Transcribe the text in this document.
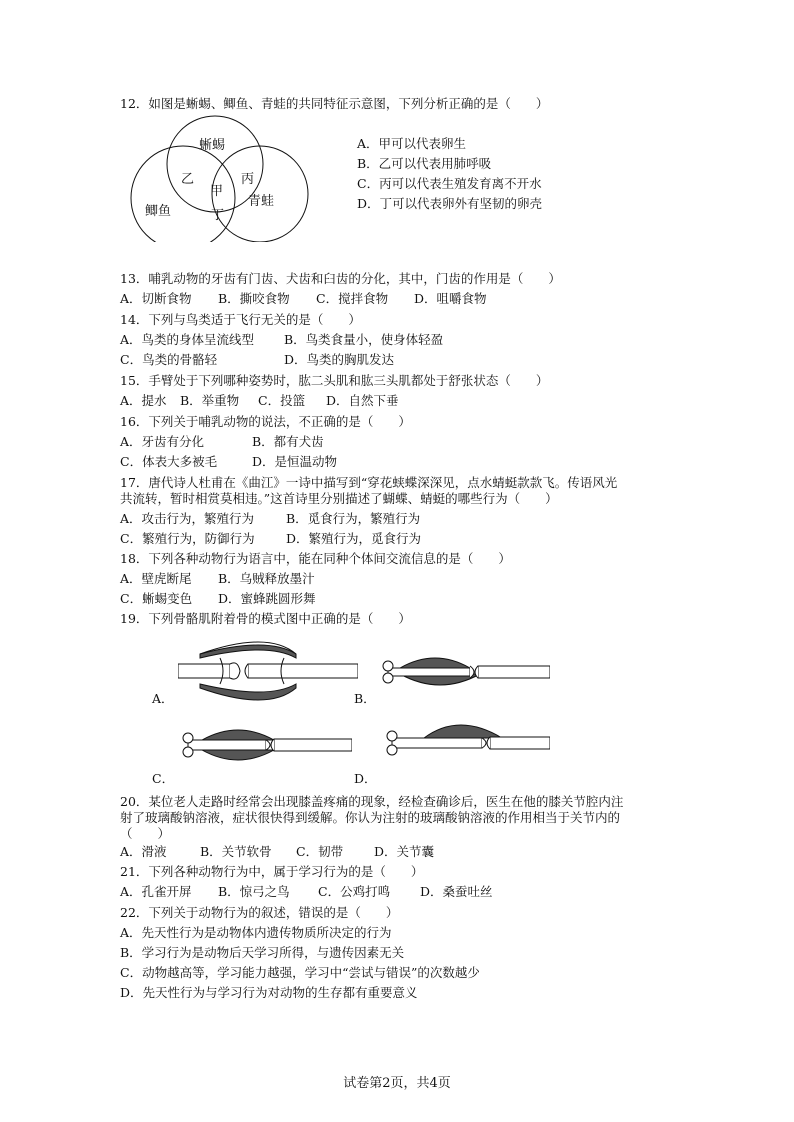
12．如图是蜥蜴、鲫鱼、青蛙的共同特征示意图，下列分析正确的是（　　）
蜥蜴
鲫鱼
青蛙
乙
甲
丙
丁
A．甲可以代表卵生
B．乙可以代表用肺呼吸
C．丙可以代表生殖发育离不开水
D．丁可以代表卵外有坚韧的卵壳
13．哺乳动物的牙齿有门齿、犬齿和臼齿的分化，其中，门齿的作用是（　　）
A．切断食物 B．撕咬食物 C．搅拌食物 D．咀嚼食物
14．下列与鸟类适于飞行无关的是（　　）
A．鸟类的身体呈流线型 B．鸟类食量小，使身体轻盈
C．鸟类的骨骼轻	D．鸟类的胸肌发达
15．手臂处于下列哪种姿势时，肱二头肌和肱三头肌都处于舒张状态（　　）
A．提水 B．举重物 C．投篮 D．自然下垂
16．下列关于哺乳动物的说法，不正确的是（　　）
A．牙齿有分化	B．都有犬齿
C．体表大多被毛	D．是恒温动物
17．唐代诗人杜甫在《曲江》一诗中描写到“穿花蛱蝶深深见，点水蜻蜓款款飞。传语风光
共流转，暂时相赏莫相违。”这首诗里分别描述了蝴蝶、蜻蜓的哪些行为（　　）
A．攻击行为，繁殖行为	B．觅食行为，繁殖行为
C．繁殖行为，防御行为	D．繁殖行为，觅食行为
18．下列各种动物行为语言中，能在同种个体间交流信息的是（　　）
A．壁虎断尾 B．乌贼释放墨汁
C．蜥蜴变色 D．蜜蜂跳圆形舞
19．下列骨骼肌附着骨的模式图中正确的是（　　）
A．	B．
C．	D．
20．某位老人走路时经常会出现膝盖疼痛的现象，经检查确诊后，医生在他的膝关节腔内注
射了玻璃酸钠溶液，症状很快得到缓解。你认为注射的玻璃酸钠溶液的作用相当于关节内的
（　　）
A．滑液	B．关节软骨 C．韧带 D．关节囊
21．下列各种动物行为中，属于学习行为的是（　　）
A．孔雀开屏 B．惊弓之鸟 C．公鸡打鸣 D．桑蚕吐丝
22．下列关于动物行为的叙述，错误的是（　　）
A．先天性行为是动物体内遗传物质所决定的行为
B．学习行为是动物后天学习所得，与遗传因素无关
C．动物越高等，学习能力越强，学习中“尝试与错误”的次数越少
D．先天性行为与学习行为对动物的生存都有重要意义
试卷第2页，共4页
